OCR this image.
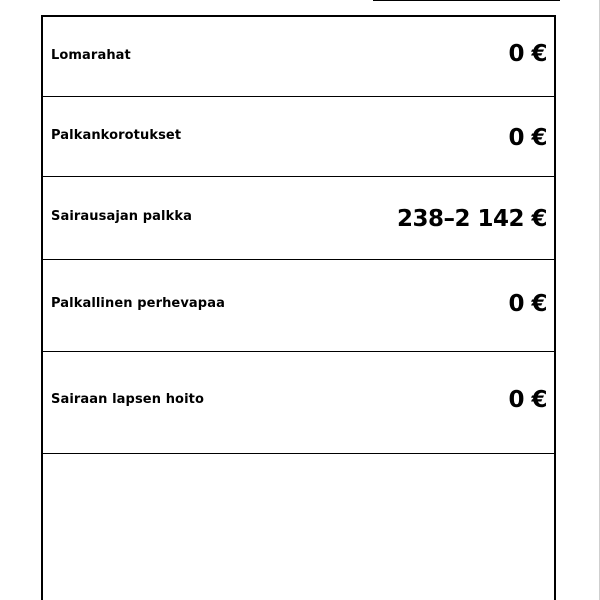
Lomarahat	0 €
Palkankorotukset	0 €
Sairausajan palkka	238–2 142 €
Palkallinen perhevapaa	0 €
Sairaan lapsen hoito	0 €
